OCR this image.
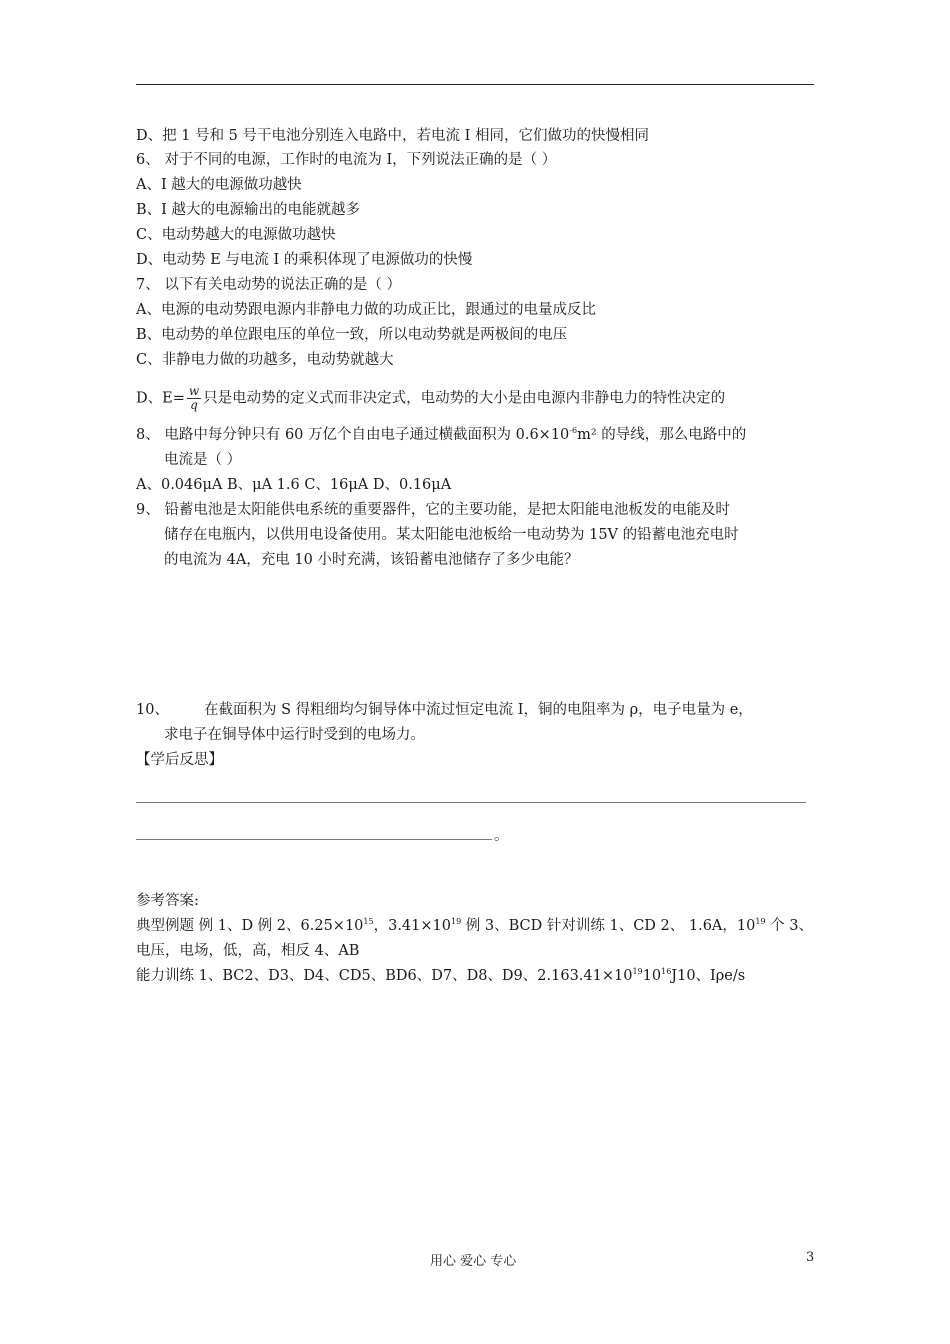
D、把 1 号和 5 号干电池分别连入电路中，若电流 I 相同，它们做功的快慢相同
6、 对于不同的电源，工作时的电流为 I，下列说法正确的是（ ）
A、I 越大的电源做功越快
B、I 越大的电源输出的电能就越多
C、电动势越大的电源做功越快
D、电动势 E 与电流 I 的乘积体现了电源做功的快慢
7、 以下有关电动势的说法正确的是（ ）
A、电源的电动势跟电源内非静电力做的功成正比，跟通过的电量成反比
B、电动势的单位跟电压的单位一致，所以电动势就是两极间的电压
C、非静电力做的功越多，电动势就越大
D、$E= \frac{w}{q}$ 只是电动势的定义式而非决定式，电动势的大小是由电源内非静电力的特性决定的
8、 电路中每分钟只有 60 万亿个自由电子通过横截面积为 $0.6\times 10^{-6}m^2$ 的导线，那么电路中的
电流是（ ）
A、0.046μA B、μA 1.6 C、16μA D、0.16μA
9、 铅蓄电池是太阳能供电系统的重要器件，它的主要功能，是把太阳能电池板发的电能及时
储存在电瓶内，以供用电设备使用。某太阳能电池板给一电动势为 15V 的铅蓄电池充电时
的电流为 4A，充电 10 小时充满，该铅蓄电池储存了多少电能？
10、 在截面积为 S 得粗细均匀铜导体中流过恒定电流 I，铜的电阻率为 ρ，电子电量为 e，
求电子在铜导体中运行时受到的电场力。
【学后反思】
。
参考答案:
典型例题 例 1、D 例 2、$6.25\times 10^{15}$，$3.41\times 10^{19}$ 例 3、BCD 针对训练 1、CD 2、 1.6A，$10^{19}$ 个 3、
电压，电场，低，高，相反 4、AB
能力训练 1、BC2、D3、D4、CD5、BD6、D7、D8、D9、$2.163.41\times 10^{19}10^{16}J10$、Iρe/s
用心 爱心 专心	3
